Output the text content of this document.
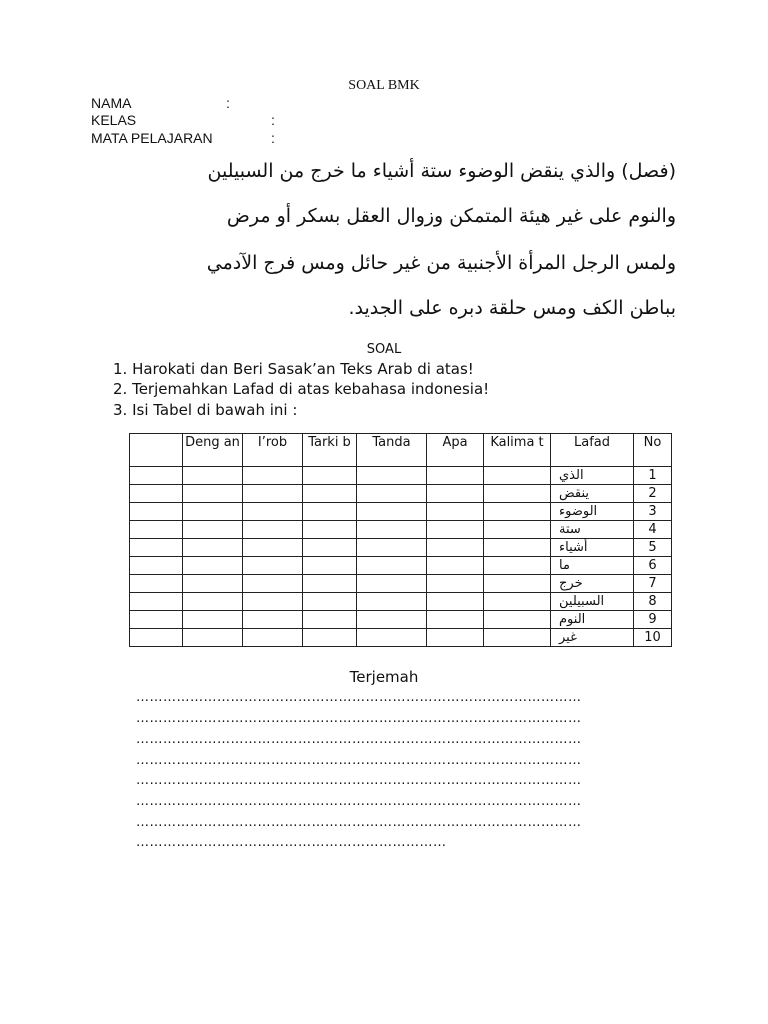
SOAL BMK
NAMA	:
KELAS	:
MATA PELAJARAN	:
(فصل) والذي ينقض الوضوء ستة أشياء ما خرج من السبيلين
والنوم على غير هيئة المتمكن وزوال العقل بسكر أو مرض
ولمس الرجل المرأة الأجنبية من غير حائل ومس فرج الآدمي
بباطن الكف ومس حلقة دبره على الجديد.
SOAL
1. Harokati dan Beri Sasak’an Teks Arab di atas!
2. Terjemahkan Lafad di atas kebahasa indonesia!
3. Isi Tabel di bawah ini :
	Deng an	I’rob	Tarki b	Tanda	Apa	Kalima t	Lafad	No
							الذي	1
							ينقض	2
							الوضوء	3
							ستة	4
							أشياء	5
							ما	6
							خرج	7
							السبيلين	8
							النوم	9
							غير	10
Terjemah
………………………………………………………………………………………
………………………………………………………………………………………
………………………………………………………………………………………
………………………………………………………………………………………
………………………………………………………………………………………
………………………………………………………………………………………
………………………………………………………………………………………
……………………………………………………………
